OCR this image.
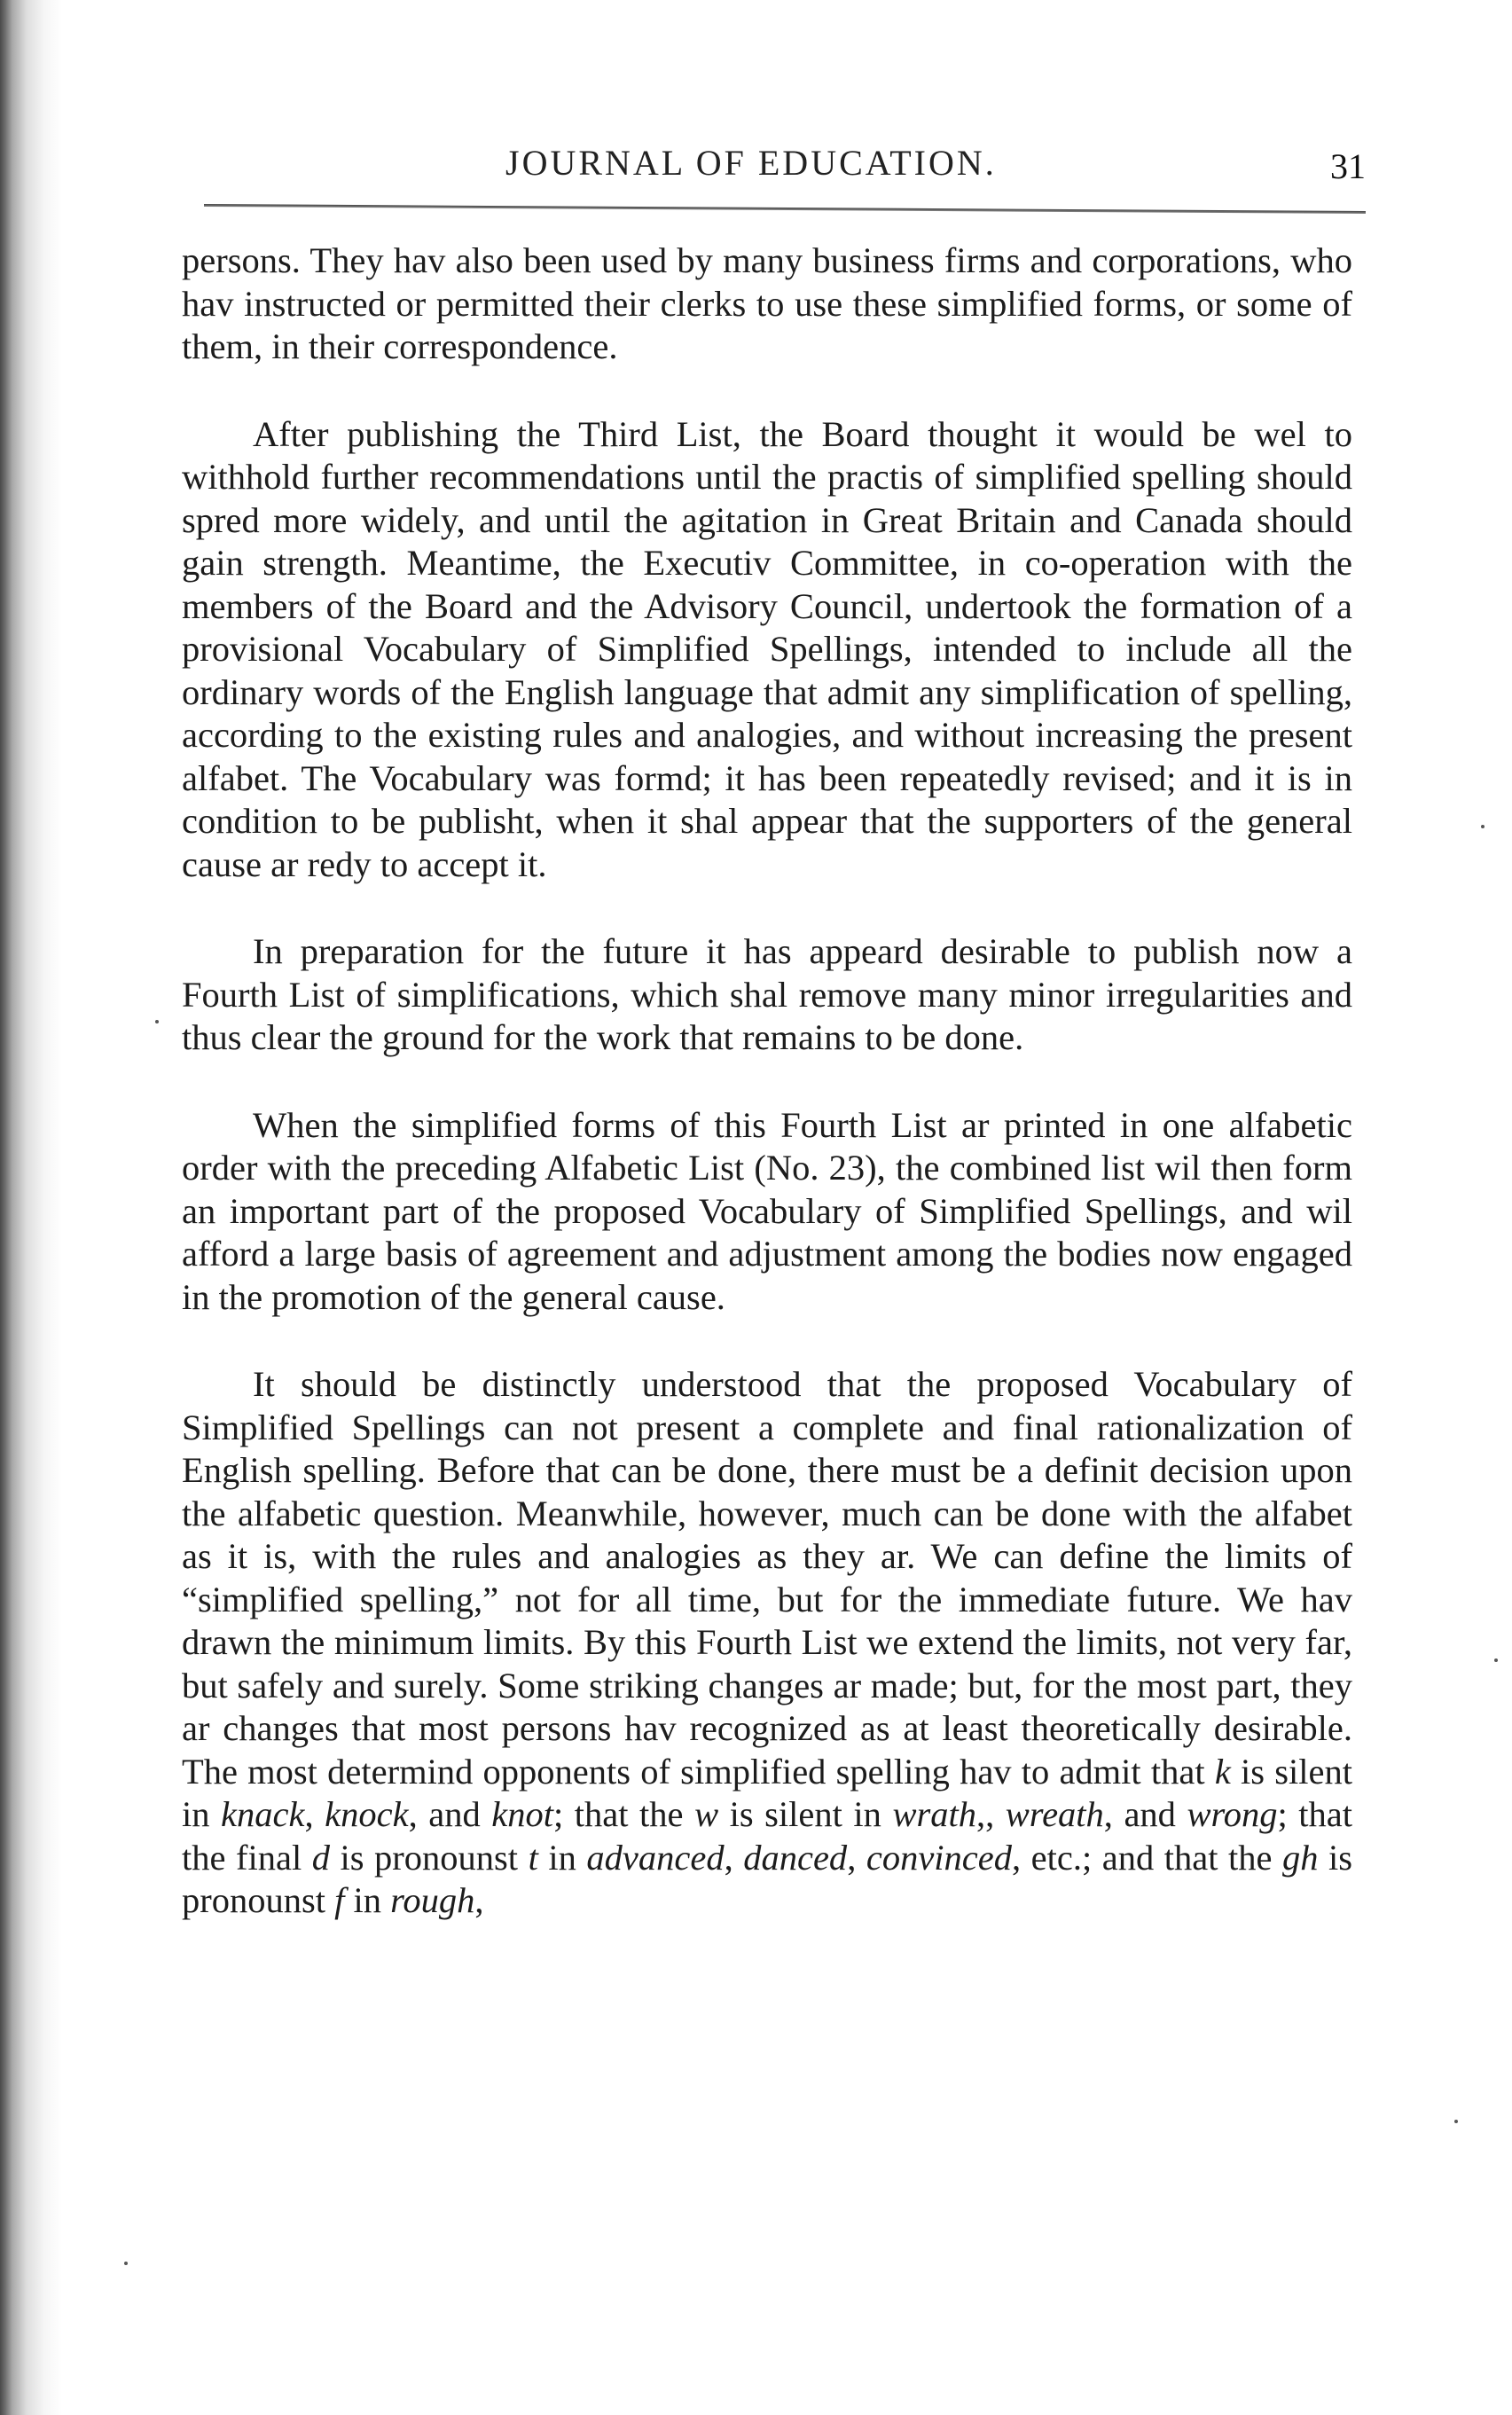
JOURNAL OF EDUCATION.	31

persons. They hav also been used by many business firms and corporations, who hav instructed or permitted their clerks to use these simplified forms, or some of them, in their correspondence.

After publishing the Third List, the Board thought it would be wel to withhold further recommendations until the practis of simplified spelling should spred more widely, and until the agitation in Great Britain and Canada should gain strength. Meantime, the Executiv Committee, in co-operation with the members of the Board and the Advisory Council, undertook the formation of a provisional Vocabulary of Simplified Spellings, intended to include all the ordinary words of the English language that admit any simplification of spelling, according to the existing rules and analogies, and without increasing the present alfabet. The Vocabulary was formd; it has been repeatedly revised; and it is in condition to be publisht, when it shal appear that the supporters of the general cause ar redy to accept it.

In preparation for the future it has appeard desirable to publish now a Fourth List of simplifications, which shal remove many minor irregularities and thus clear the ground for the work that remains to be done.

When the simplified forms of this Fourth List ar printed in one alfabetic order with the preceding Alfabetic List (No. 23), the combined list wil then form an important part of the proposed Vocabulary of Simplified Spellings, and wil afford a large basis of agreement and adjustment among the bodies now engaged in the promotion of the general cause.

It should be distinctly understood that the proposed Vocabulary of Simplified Spellings can not present a complete and final rationalization of English spelling. Before that can be done, there must be a definit decision upon the alfabetic question. Meanwhile, however, much can be done with the alfabet as it is, with the rules and analogies as they ar. We can define the limits of “simplified spelling,” not for all time, but for the immediate future. We hav drawn the minimum limits. By this Fourth List we extend the limits, not very far, but safely and surely. Some striking changes ar made; but, for the most part, they ar changes that most persons hav recognized as at least theoretically desirable. The most determind opponents of simplified spelling hav to admit that k is silent in knack, knock, and knot; that the w is silent in wrath,, wreath, and wrong; that the final d is pronounst t in advanced, danced, convinced, etc.; and that the gh is pronounst f in rough,
